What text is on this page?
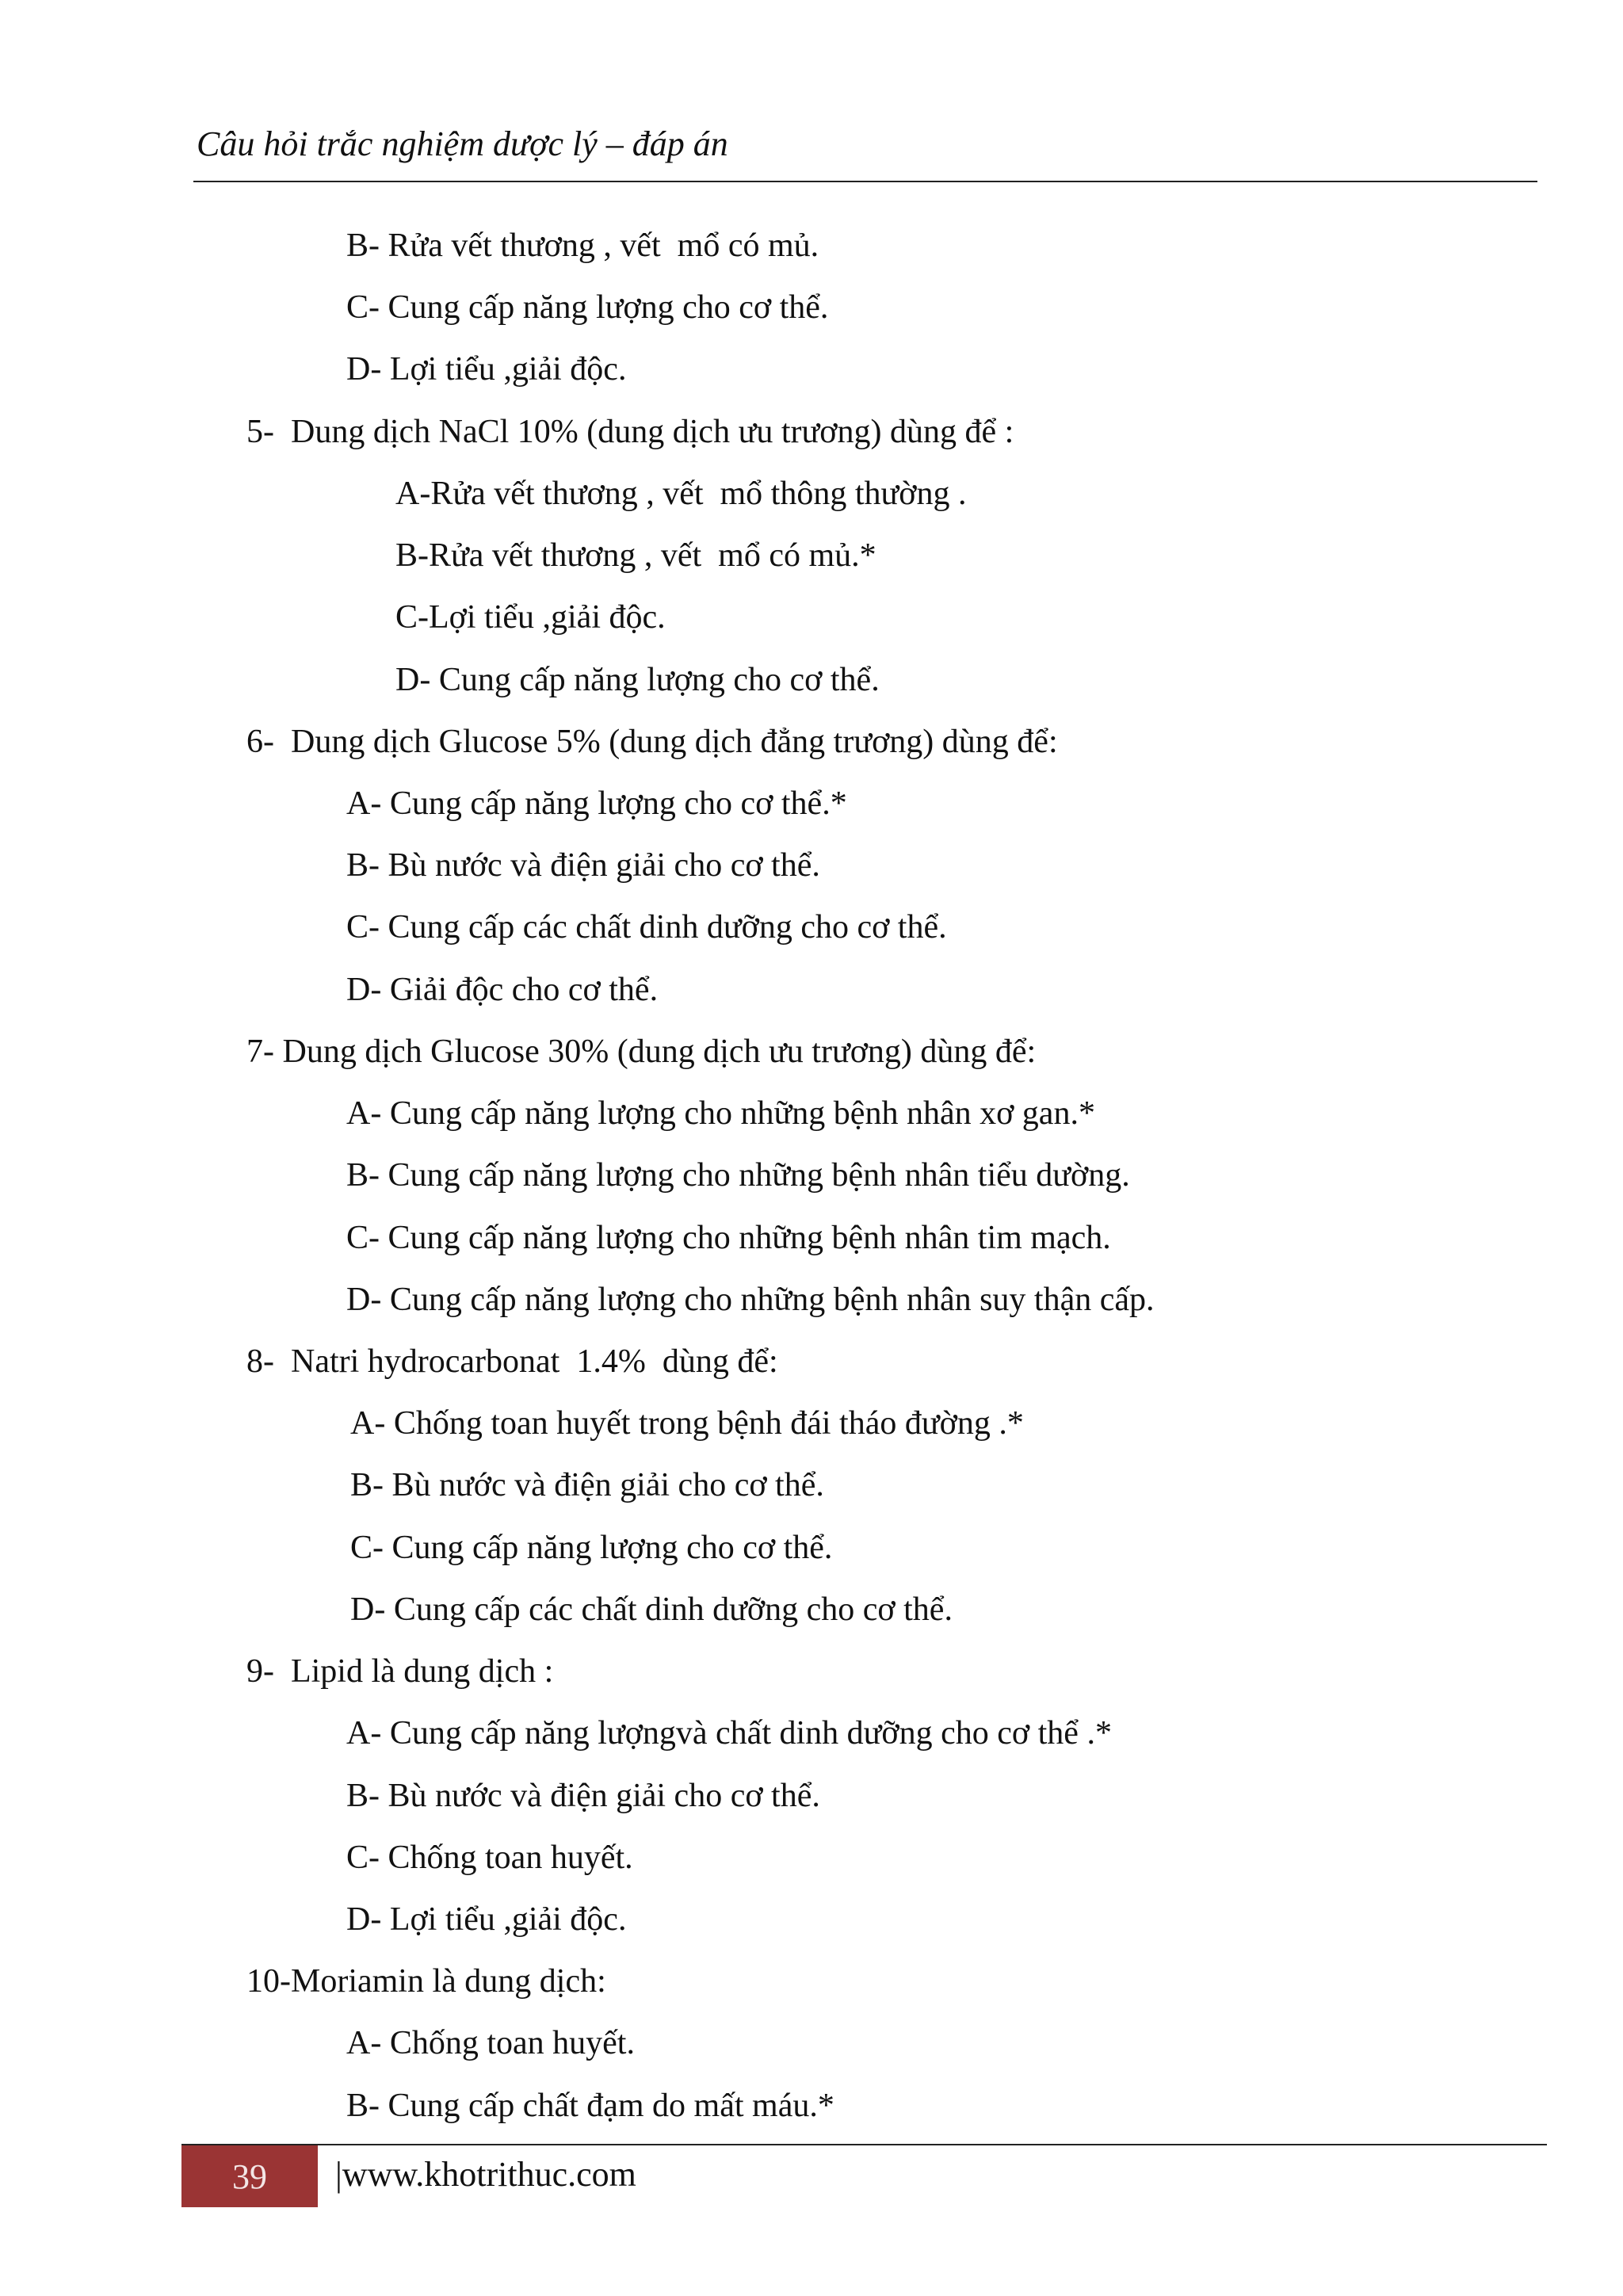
Câu hỏi trắc nghiệm dược lý – đáp án
B- Rửa vết thương , vết  mổ có mủ.
C- Cung cấp năng lượng cho cơ thể.
D- Lợi tiểu ,giải độc.
5-  Dung dịch NaCl 10% (dung dịch ưu trương) dùng để :
A-Rửa vết thương , vết  mổ thông thường .
B-Rửa vết thương , vết  mổ có mủ.*
C-Lợi tiểu ,giải độc.
D- Cung cấp năng lượng cho cơ thể.
6-  Dung dịch Glucose 5% (dung dịch đẳng trương) dùng để:
A- Cung cấp năng lượng cho cơ thể.*
B- Bù nước và điện giải cho cơ thể.
C- Cung cấp các chất dinh dưỡng cho cơ thể.
D- Giải độc cho cơ thể.
7- Dung dịch Glucose 30% (dung dịch ưu trương) dùng để:
A- Cung cấp năng lượng cho những bệnh nhân xơ gan.*
B- Cung cấp năng lượng cho những bệnh nhân tiểu dường.
C- Cung cấp năng lượng cho những bệnh nhân tim mạch.
D- Cung cấp năng lượng cho những bệnh nhân suy thận cấp.
8-  Natri hydrocarbonat  1.4%  dùng để:
A- Chống toan huyết trong bệnh đái tháo đường .*
B- Bù nước và điện giải cho cơ thể.
C- Cung cấp năng lượng cho cơ thể.
D- Cung cấp các chất dinh dưỡng cho cơ thể.
9-  Lipid là dung dịch :
A- Cung cấp năng lượngvà chất dinh dưỡng cho cơ thể .*
B- Bù nước và điện giải cho cơ thể.
C- Chống toan huyết.
D- Lợi tiểu ,giải độc.
10-Moriamin là dung dịch:
A- Chống toan huyết.
B- Cung cấp chất đạm do mất máu.*
39 |www.khotrithuc.com
